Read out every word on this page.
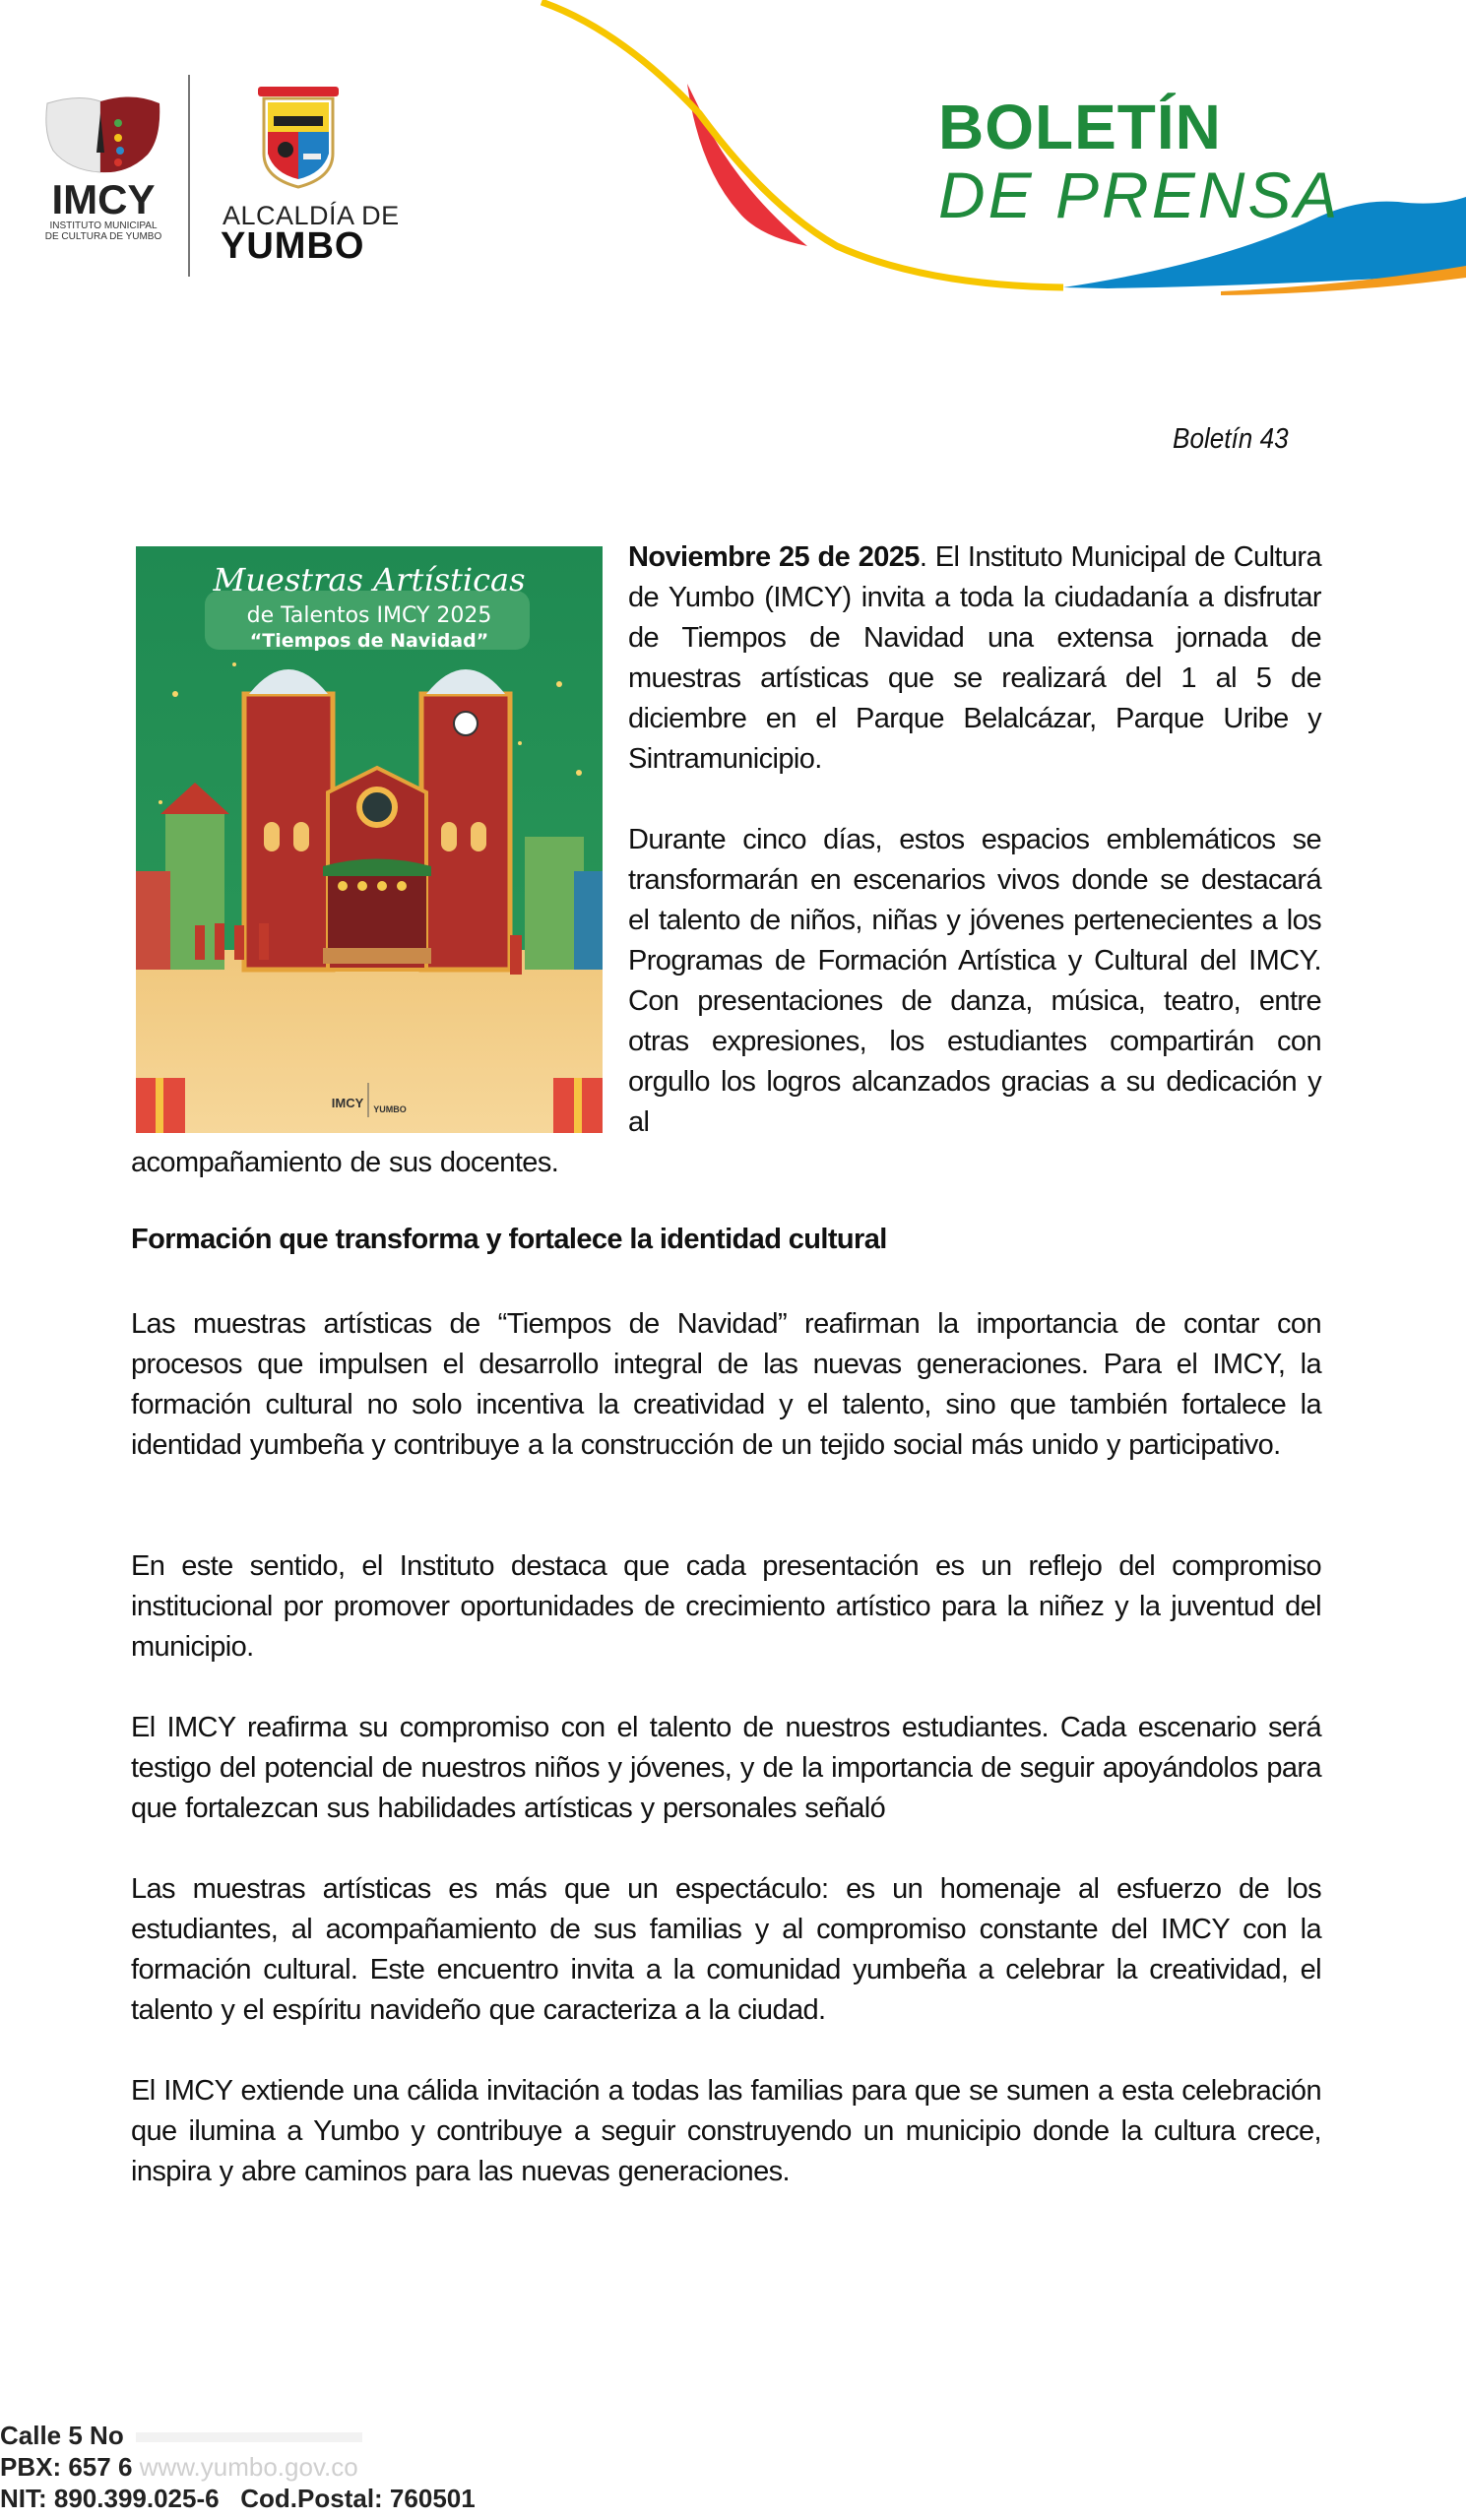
IMCY
INSTITUTO MUNICIPAL
DE CULTURA DE YUMBO
ALCALDÍA DE
YUMBO
BOLETÍN
DE PRENSA
Boletín 43
Muestras Artísticas
de Talentos IMCY 2025
“Tiempos de Navidad”
IMCY YUMBO
Noviembre 25 de 2025. El Instituto Municipal de Cultura de Yumbo (IMCY) invita a toda la ciudadanía a disfrutar de Tiempos de Navidad una extensa jornada de muestras artísticas que se realizará del 1 al 5 de diciembre en el Parque Belalcázar, Parque Uribe y Sintramunicipio.
Durante cinco días, estos espacios emblemáticos se transformarán en escenarios vivos donde se destacará el talento de niños, niñas y jóvenes pertenecientes a los Programas de Formación Artística y Cultural del IMCY. Con presentaciones de danza, música, teatro, entre otras expresiones, los estudiantes compartirán con orgullo los logros alcanzados gracias a su dedicación y al
acompañamiento de sus docentes.
Formación que transforma y fortalece la identidad cultural
Las muestras artísticas de “Tiempos de Navidad” reafirman la importancia de contar con procesos que impulsen el desarrollo integral de las nuevas generaciones. Para el IMCY, la formación cultural no solo incentiva la creatividad y el talento, sino que también fortalece la identidad yumbeña y contribuye a la construcción de un tejido social más unido y participativo.
En este sentido, el Instituto destaca que cada presentación es un reflejo del compromiso institucional por promover oportunidades de crecimiento artístico para la niñez y la juventud del municipio.
El IMCY reafirma su compromiso con el talento de nuestros estudiantes. Cada escenario será testigo del potencial de nuestros niños y jóvenes, y de la importancia de seguir apoyándolos para que fortalezcan sus habilidades artísticas y personales señaló
Las muestras artísticas es más que un espectáculo: es un homenaje al esfuerzo de los estudiantes, al acompañamiento de sus familias y al compromiso constante del IMCY con la formación cultural. Este encuentro invita a la comunidad yumbeña a celebrar la creatividad, el talento y el espíritu navideño que caracteriza a la ciudad.
El IMCY extiende una cálida invitación a todas las familias para que se sumen a esta celebración que ilumina a Yumbo y contribuye a seguir construyendo un municipio donde la cultura crece, inspira y abre caminos para las nuevas generaciones.
Calle 5 No
PBX: 657 6 www.yumbo.gov.co
NIT: 890.399.025-6 Cod.Postal: 760501
